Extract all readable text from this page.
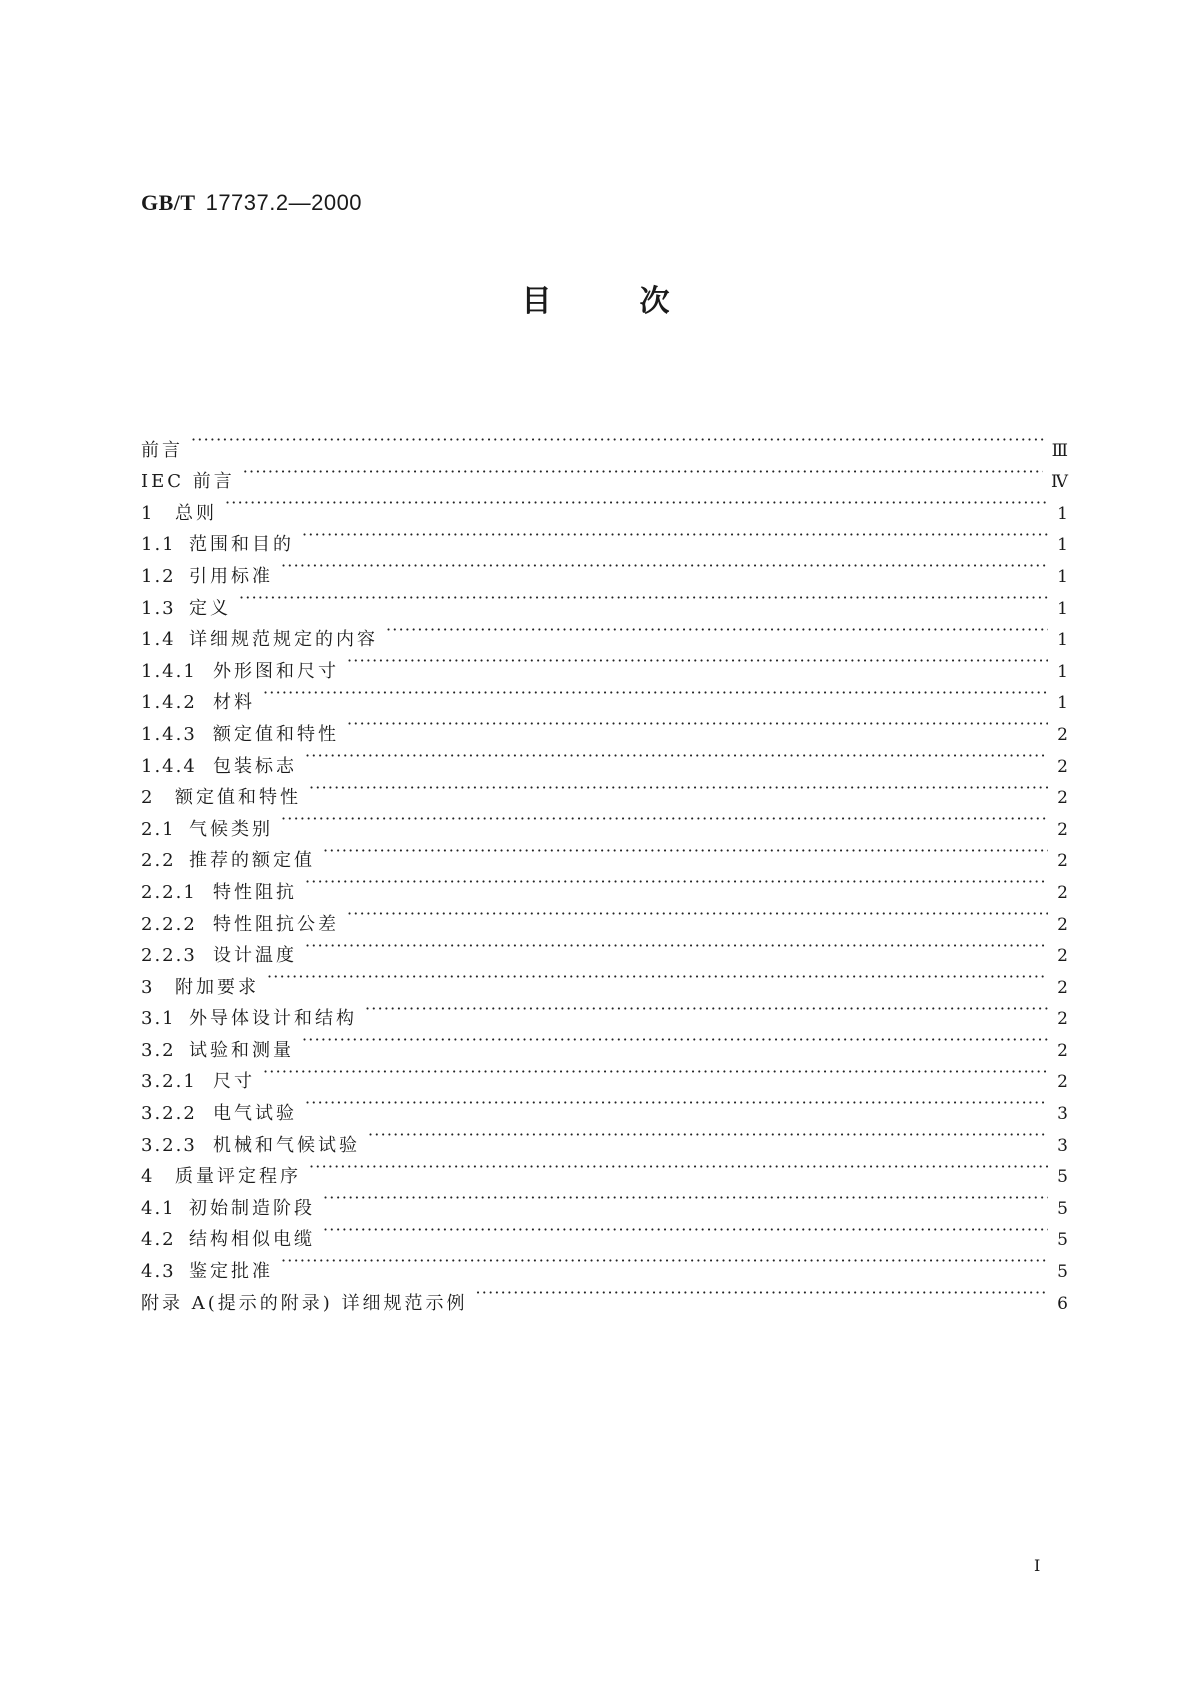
GB/T 17737.2—2000
目次
前言 ·····	Ⅲ
IEC 前言 ·····	Ⅳ
1	总则 ·····	1
1.1 范围和目的 ·····	1
1.2 引用标准 ·····	1
1.3 定义 ·····	1
1.4 详细规范规定的内容 ·····	1
1.4.1 外形图和尺寸 ·····	1
1.4.2 材料 ·····	1
1.4.3 额定值和特性 ·····	2
1.4.4 包装标志 ·····	2
2	额定值和特性 ·····	2
2.1 气候类别 ·····	2
2.2 推荐的额定值 ·····	2
2.2.1 特性阻抗 ·····	2
2.2.2 特性阻抗公差 ·····	2
2.2.3 设计温度 ·····	2
3	附加要求 ·····	2
3.1 外导体设计和结构 ·····	2
3.2 试验和测量 ·····	2
3.2.1 尺寸 ·····	2
3.2.2 电气试验 ·····	3
3.2.3 机械和气候试验 ·····	3
4	质量评定程序 ·····	5
4.1 初始制造阶段 ·····	5
4.2 结构相似电缆 ·····	5
4.3 鉴定批准 ·····	5
附录 A(提示的附录) 详细规范示例 ·····	6
Ⅰ
